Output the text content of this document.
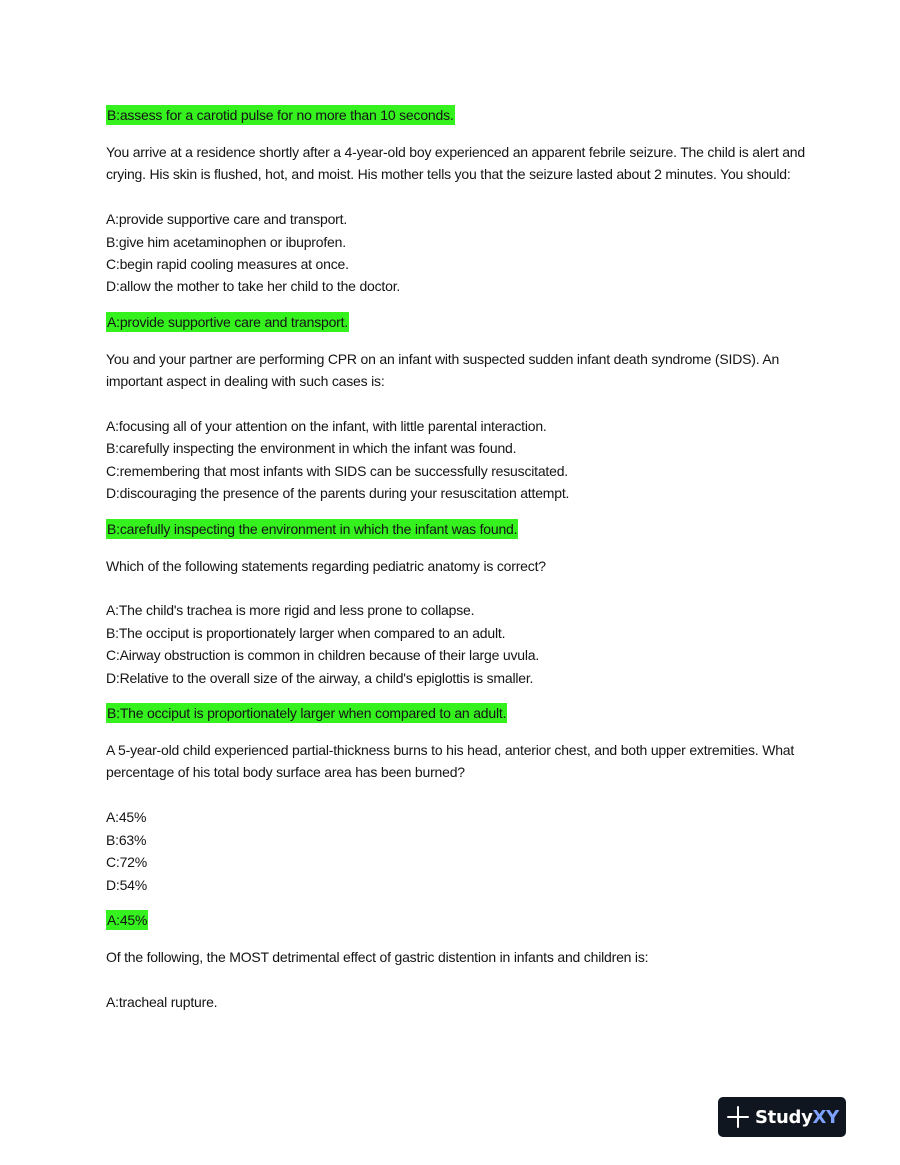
B:assess for a carotid pulse for no more than 10 seconds.

You arrive at a residence shortly after a 4-year-old boy experienced an apparent febrile seizure. The child is alert and crying. His skin is flushed, hot, and moist. His mother tells you that the seizure lasted about 2 minutes. You should:

A:provide supportive care and transport.
B:give him acetaminophen or ibuprofen.
C:begin rapid cooling measures at once.
D:allow the mother to take her child to the doctor.
A:provide supportive care and transport.

You and your partner are performing CPR on an infant with suspected sudden infant death syndrome (SIDS). An important aspect in dealing with such cases is:

A:focusing all of your attention on the infant, with little parental interaction.
B:carefully inspecting the environment in which the infant was found.
C:remembering that most infants with SIDS can be successfully resuscitated.
D:discouraging the presence of the parents during your resuscitation attempt.
B:carefully inspecting the environment in which the infant was found.

Which of the following statements regarding pediatric anatomy is correct?

A:The child's trachea is more rigid and less prone to collapse.
B:The occiput is proportionately larger when compared to an adult.
C:Airway obstruction is common in children because of their large uvula.
D:Relative to the overall size of the airway, a child's epiglottis is smaller.
B:The occiput is proportionately larger when compared to an adult.

A 5-year-old child experienced partial-thickness burns to his head, anterior chest, and both upper extremities. What percentage of his total body surface area has been burned?

A:45%
B:63%
C:72%
D:54%
A:45%

Of the following, the MOST detrimental effect of gastric distention in infants and children is:

A:tracheal rupture.
StudyXY
